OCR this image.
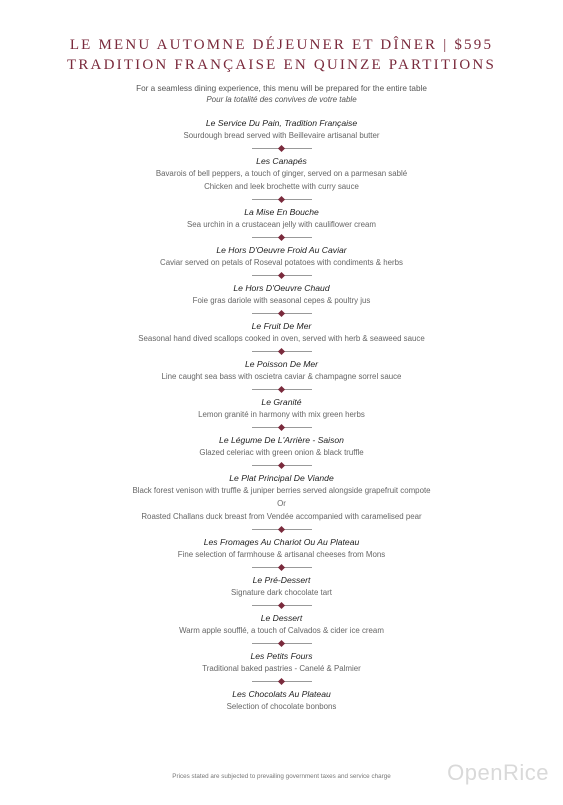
LE MENU AUTOMNE DÉJEUNER ET DÎNER | $595
TRADITION FRANÇAISE EN QUINZE PARTITIONS
For a seamless dining experience, this menu will be prepared for the entire table
Pour la totalité des convives de votre table
Le Service Du Pain, Tradition Française
Sourdough bread served with Beillevaire artisanal butter
Les Canapés
Bavarois of bell peppers, a touch of ginger, served on a parmesan sablé
Chicken and leek brochette with curry sauce
La Mise En Bouche
Sea urchin in a crustacean jelly with cauliflower cream
Le Hors D'Oeuvre Froid Au Caviar
Caviar served on petals of Roseval potatoes with condiments & herbs
Le Hors D'Oeuvre Chaud
Foie gras dariole with seasonal cepes & poultry jus
Le Fruit De Mer
Seasonal hand dived scallops cooked in oven, served with herb & seaweed sauce
Le Poisson De Mer
Line caught sea bass with oscietra caviar & champagne sorrel sauce
Le Granité
Lemon granité in harmony with mix green herbs
Le Légume De L'Arrière - Saison
Glazed celeriac with green onion & black truffle
Le Plat Principal De Viande
Black forest venison with truffle & juniper berries served alongside grapefruit compote
Or
Roasted Challans duck breast from Vendée accompanied with caramelised pear
Les Fromages Au Chariot Ou Au Plateau
Fine selection of farmhouse & artisanal cheeses from Mons
Le Pré-Dessert
Signature dark chocolate tart
Le Dessert
Warm apple soufflé, a touch of Calvados & cider ice cream
Les Petits Fours
Traditional baked pastries - Canelé & Palmier
Les Chocolats Au Plateau
Selection of chocolate bonbons
Prices stated are subjected to prevailing government taxes and service charge	OpenRice
